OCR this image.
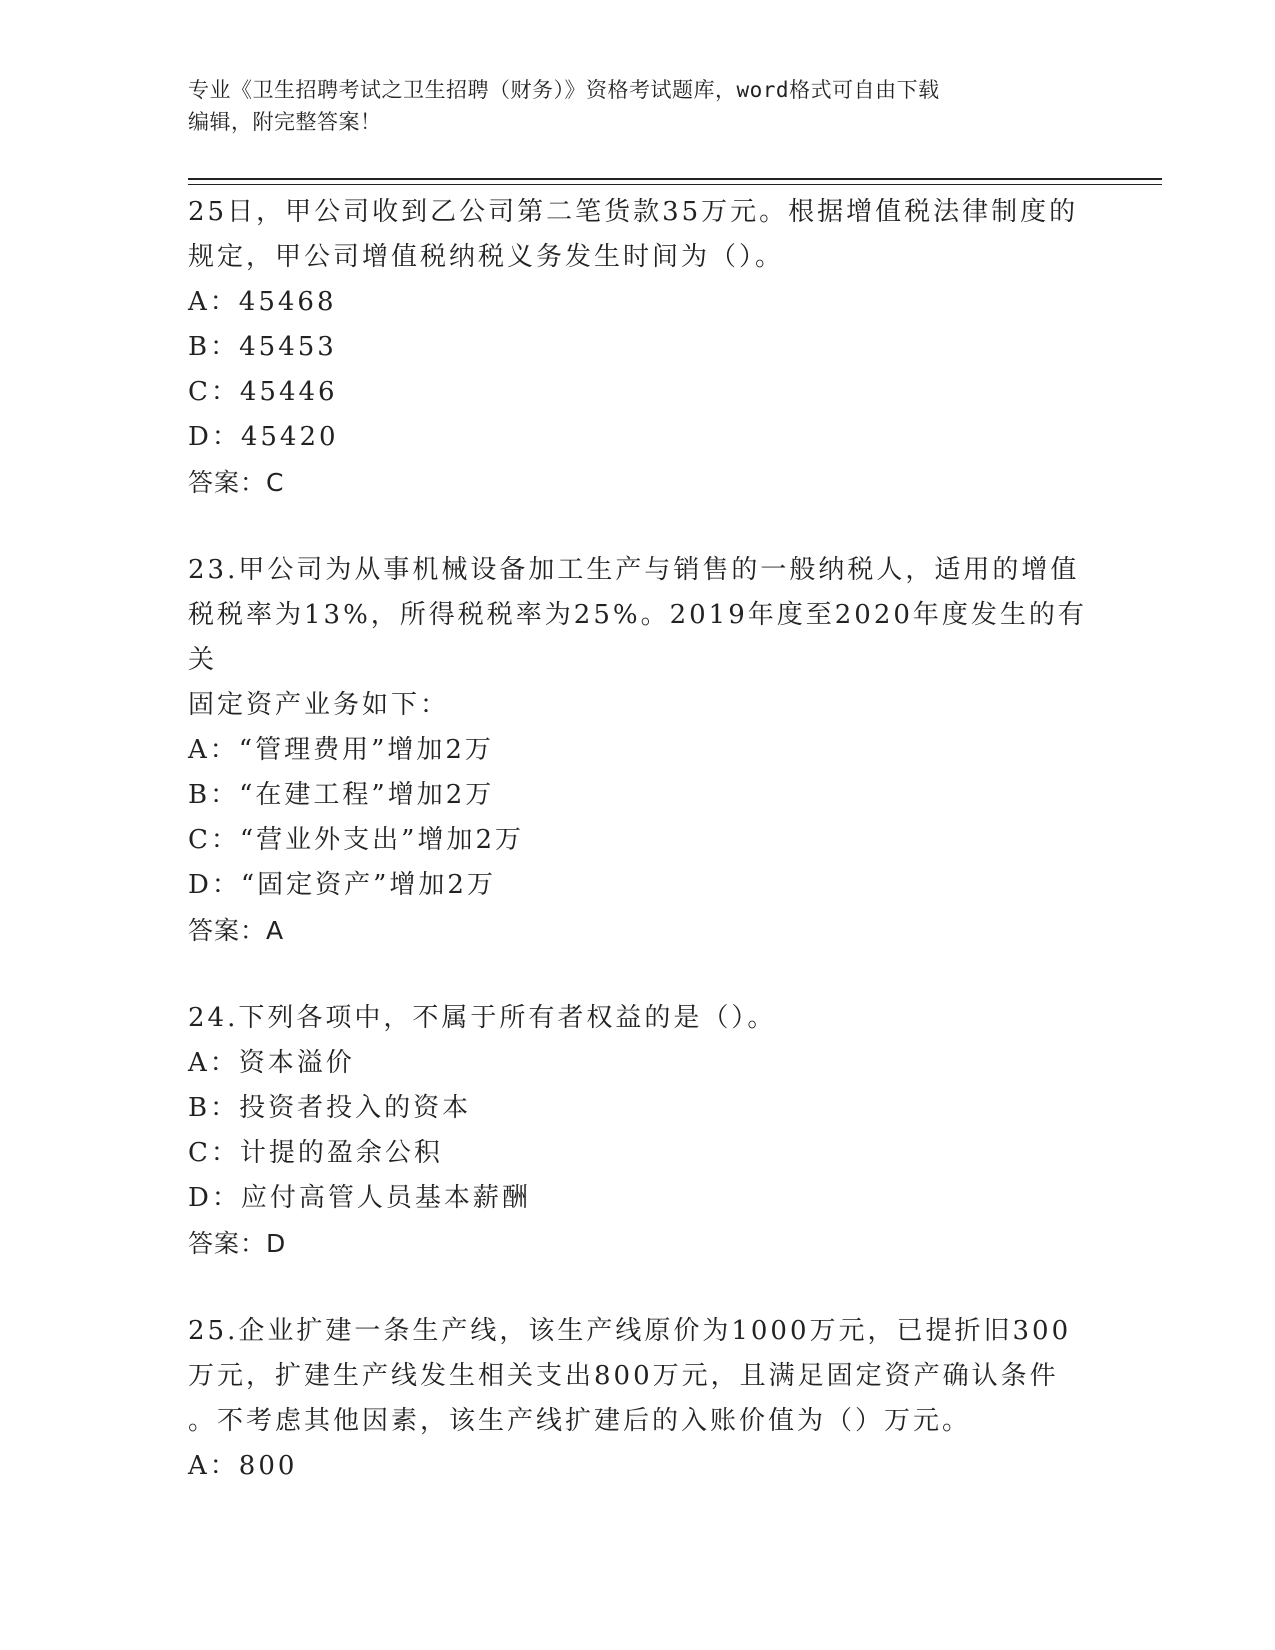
专业《卫生招聘考试之卫生招聘（财务）》资格考试题库，word格式可自由下载
编辑，附完整答案！

25日，甲公司收到乙公司第二笔货款35万元。根据增值税法律制度的

规定，甲公司增值税纳税义务发生时间为（）。

A：45468

B：45453

C：45446

D：45420

答案：C

23.甲公司为从事机械设备加工生产与销售的一般纳税人，适用的增值

税税率为13%，所得税税率为25%。2019年度至2020年度发生的有关

固定资产业务如下：

A：“管理费用”增加2万

B：“在建工程”增加2万

C：“营业外支出”增加2万

D：“固定资产”增加2万

答案：A

24.下列各项中，不属于所有者权益的是（）。

A：资本溢价

B：投资者投入的资本

C：计提的盈余公积

D：应付高管人员基本薪酬

答案：D

25.企业扩建一条生产线，该生产线原价为1000万元，已提折旧300

万元，扩建生产线发生相关支出800万元，且满足固定资产确认条件

。不考虑其他因素，该生产线扩建后的入账价值为（）万元。

A：800
